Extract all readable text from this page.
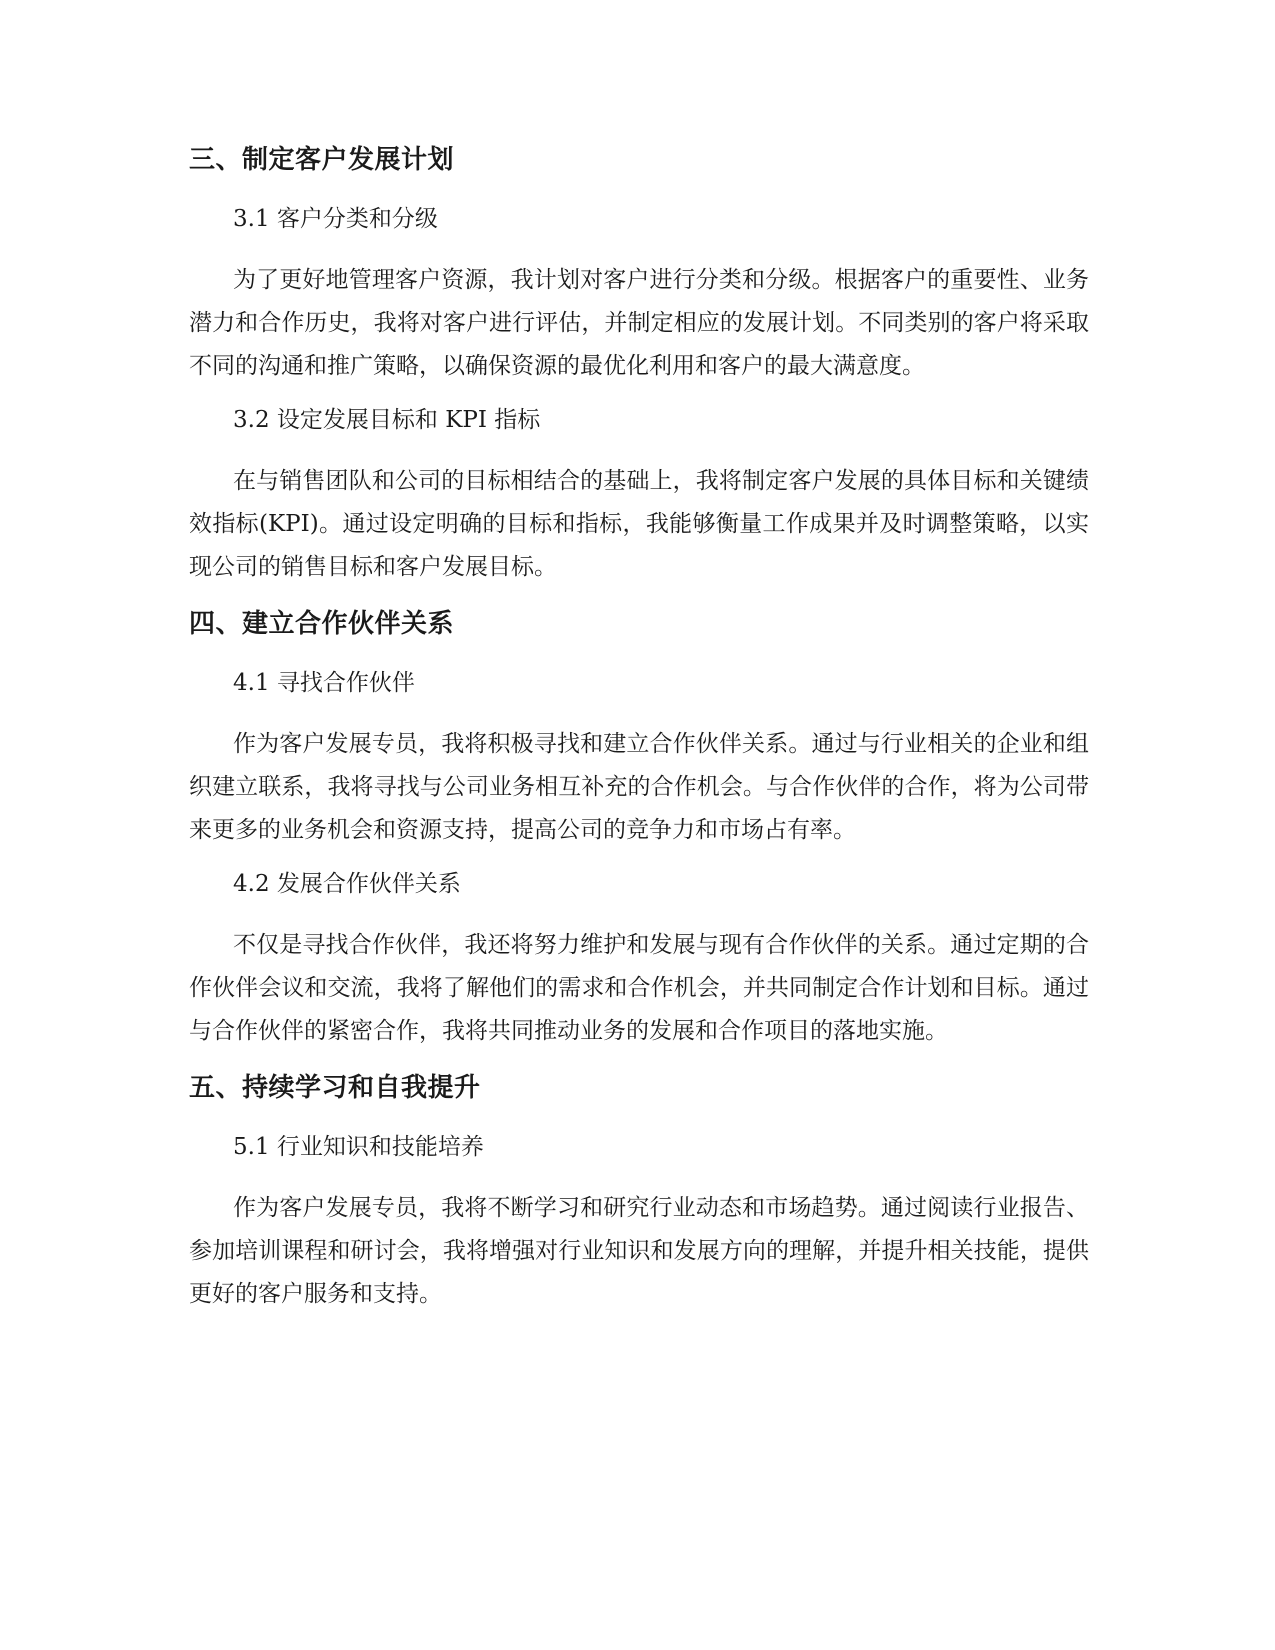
三、制定客户发展计划
3.1 客户分类和分级
为了更好地管理客户资源，我计划对客户进行分类和分级。根据客户的重要性、业务潜力和合作历史，我将对客户进行评估，并制定相应的发展计划。不同类别的客户将采取不同的沟通和推广策略，以确保资源的最优化利用和客户的最大满意度。
3.2 设定发展目标和 KPI 指标
在与销售团队和公司的目标相结合的基础上，我将制定客户发展的具体目标和关键绩效指标(KPI)。通过设定明确的目标和指标，我能够衡量工作成果并及时调整策略，以实现公司的销售目标和客户发展目标。
四、建立合作伙伴关系
4.1 寻找合作伙伴
作为客户发展专员，我将积极寻找和建立合作伙伴关系。通过与行业相关的企业和组织建立联系，我将寻找与公司业务相互补充的合作机会。与合作伙伴的合作，将为公司带来更多的业务机会和资源支持，提高公司的竞争力和市场占有率。
4.2 发展合作伙伴关系
不仅是寻找合作伙伴，我还将努力维护和发展与现有合作伙伴的关系。通过定期的合作伙伴会议和交流，我将了解他们的需求和合作机会，并共同制定合作计划和目标。通过与合作伙伴的紧密合作，我将共同推动业务的发展和合作项目的落地实施。
五、持续学习和自我提升
5.1 行业知识和技能培养
作为客户发展专员，我将不断学习和研究行业动态和市场趋势。通过阅读行业报告、参加培训课程和研讨会，我将增强对行业知识和发展方向的理解，并提升相关技能，提供更好的客户服务和支持。
